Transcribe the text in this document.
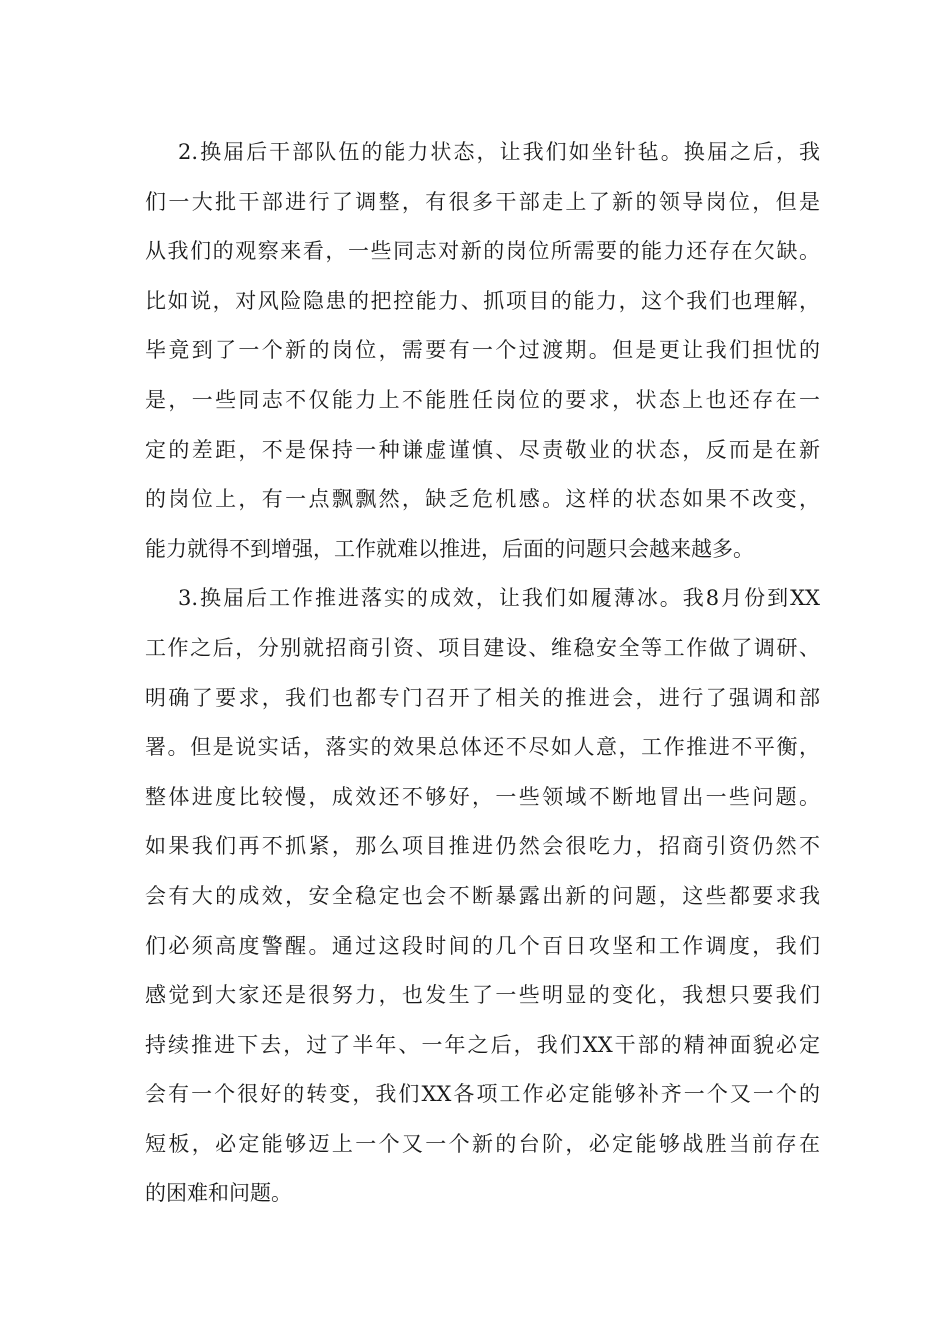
2.换届后干部队伍的能力状态，让我们如坐针毡。换届之后，我
们一大批干部进行了调整，有很多干部走上了新的领导岗位，但是
从我们的观察来看，一些同志对新的岗位所需要的能力还存在欠缺。
比如说，对风险隐患的把控能力、抓项目的能力，这个我们也理解，
毕竟到了一个新的岗位，需要有一个过渡期。但是更让我们担忧的
是，一些同志不仅能力上不能胜任岗位的要求，状态上也还存在一
定的差距，不是保持一种谦虚谨慎、尽责敬业的状态，反而是在新
的岗位上，有一点飘飘然，缺乏危机感。这样的状态如果不改变，
能力就得不到增强，工作就难以推进，后面的问题只会越来越多。
3.换届后工作推进落实的成效，让我们如履薄冰。我8月份到XX
工作之后，分别就招商引资、项目建设、维稳安全等工作做了调研、
明确了要求，我们也都专门召开了相关的推进会，进行了强调和部
署。但是说实话，落实的效果总体还不尽如人意，工作推进不平衡，
整体进度比较慢，成效还不够好，一些领域不断地冒出一些问题。
如果我们再不抓紧，那么项目推进仍然会很吃力，招商引资仍然不
会有大的成效，安全稳定也会不断暴露出新的问题，这些都要求我
们必须高度警醒。通过这段时间的几个百日攻坚和工作调度，我们
感觉到大家还是很努力，也发生了一些明显的变化，我想只要我们
持续推进下去，过了半年、一年之后，我们XX干部的精神面貌必定
会有一个很好的转变，我们XX各项工作必定能够补齐一个又一个的
短板，必定能够迈上一个又一个新的台阶，必定能够战胜当前存在
的困难和问题。
